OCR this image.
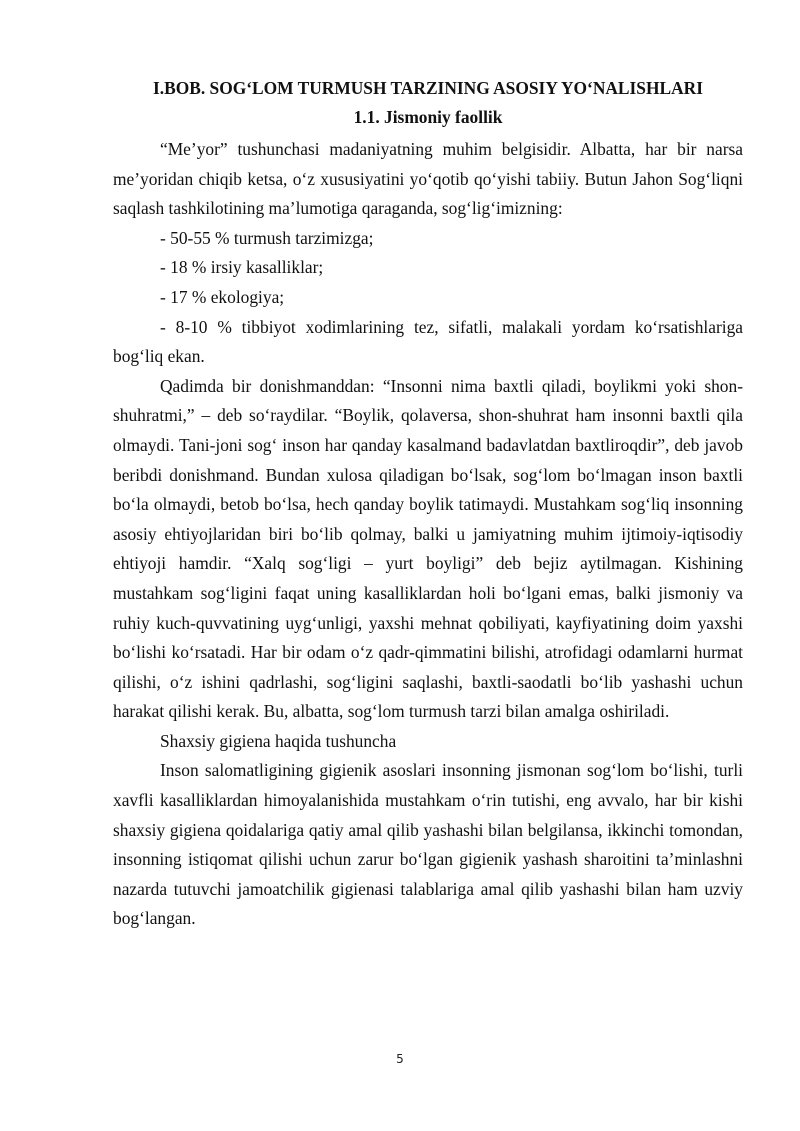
I.BOB. SOG‘LOM TURMUSH TARZINING ASOSIY YO‘NALISHLARI
1.1. Jismoniy faollik

“Me’yor” tushunchasi madaniyatning muhim belgisidir. Albatta, har bir narsa me’yoridan chiqib ketsa, o‘z xususiyatini yo‘qotib qo‘yishi tabiiy. Butun Jahon Sog‘liqni saqlash tashkilotining ma’lumotiga qaraganda, sog‘lig‘imizning:

- 50-55 % turmush tarzimizga;

- 18 % irsiy kasalliklar;

- 17 % ekologiya;

- 8-10 % tibbiyot xodimlarining tez, sifatli, malakali yordam ko‘rsatishlariga bog‘liq ekan.

Qadimda bir donishmanddan: “Insonni nima baxtli qiladi, boylikmi yoki shon-shuhratmi,” – deb so‘raydilar. “Boylik, qolaversa, shon-shuhrat ham insonni baxtli qila olmaydi. Tani-joni sog‘ inson har qanday kasalmand badavlatdan baxtliroqdir”, deb javob beribdi donishmand. Bundan xulosa qiladigan bo‘lsak, sog‘lom bo‘lmagan inson baxtli bo‘la olmaydi, betob bo‘lsa, hech qanday boylik tatimaydi. Mustahkam sog‘liq insonning asosiy ehtiyojlaridan biri bo‘lib qolmay, balki u jamiyatning muhim ijtimoiy-iqtisodiy ehtiyoji hamdir. “Xalq sog‘ligi – yurt boyligi” deb bejiz aytilmagan. Kishining mustahkam sog‘ligini faqat uning kasalliklardan holi bo‘lgani emas, balki jismoniy va ruhiy kuch-quvvatining uyg‘unligi, yaxshi mehnat qobiliyati, kayfiyatining doim yaxshi bo‘lishi ko‘rsatadi. Har bir odam o‘z qadr-qimmatini bilishi, atrofidagi odamlarni hurmat qilishi, o‘z ishini qadrlashi, sog‘ligini saqlashi, baxtli-saodatli bo‘lib yashashi uchun harakat qilishi kerak. Bu, albatta, sog‘lom turmush tarzi bilan amalga oshiriladi.

Shaxsiy gigiena haqida tushuncha

Inson salomatligining gigienik asoslari insonning jismonan sog‘lom bo‘lishi, turli xavfli kasalliklardan himoyalanishida mustahkam o‘rin tutishi, eng avvalo, har bir kishi shaxsiy gigiena qoidalariga qatiy amal qilib yashashi bilan belgilansa, ikkinchi tomondan, insonning istiqomat qilishi uchun zarur bo‘lgan gigienik yashash sharoitini ta’minlashni nazarda tutuvchi jamoatchilik gigienasi talablariga amal qilib yashashi bilan ham uzviy bog‘langan.

5
